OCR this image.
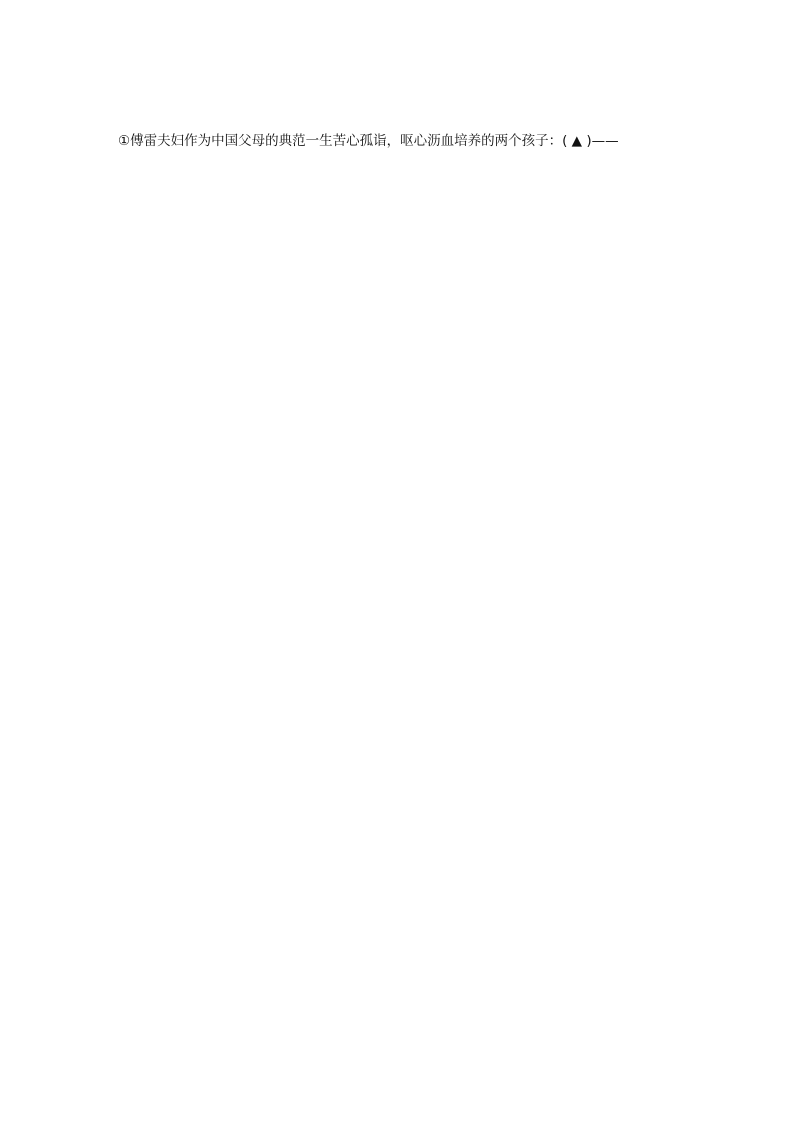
①傅雷夫妇作为中国父母的典范一生苦心孤诣，呕心沥血培养的两个孩子：( ▲ )——
